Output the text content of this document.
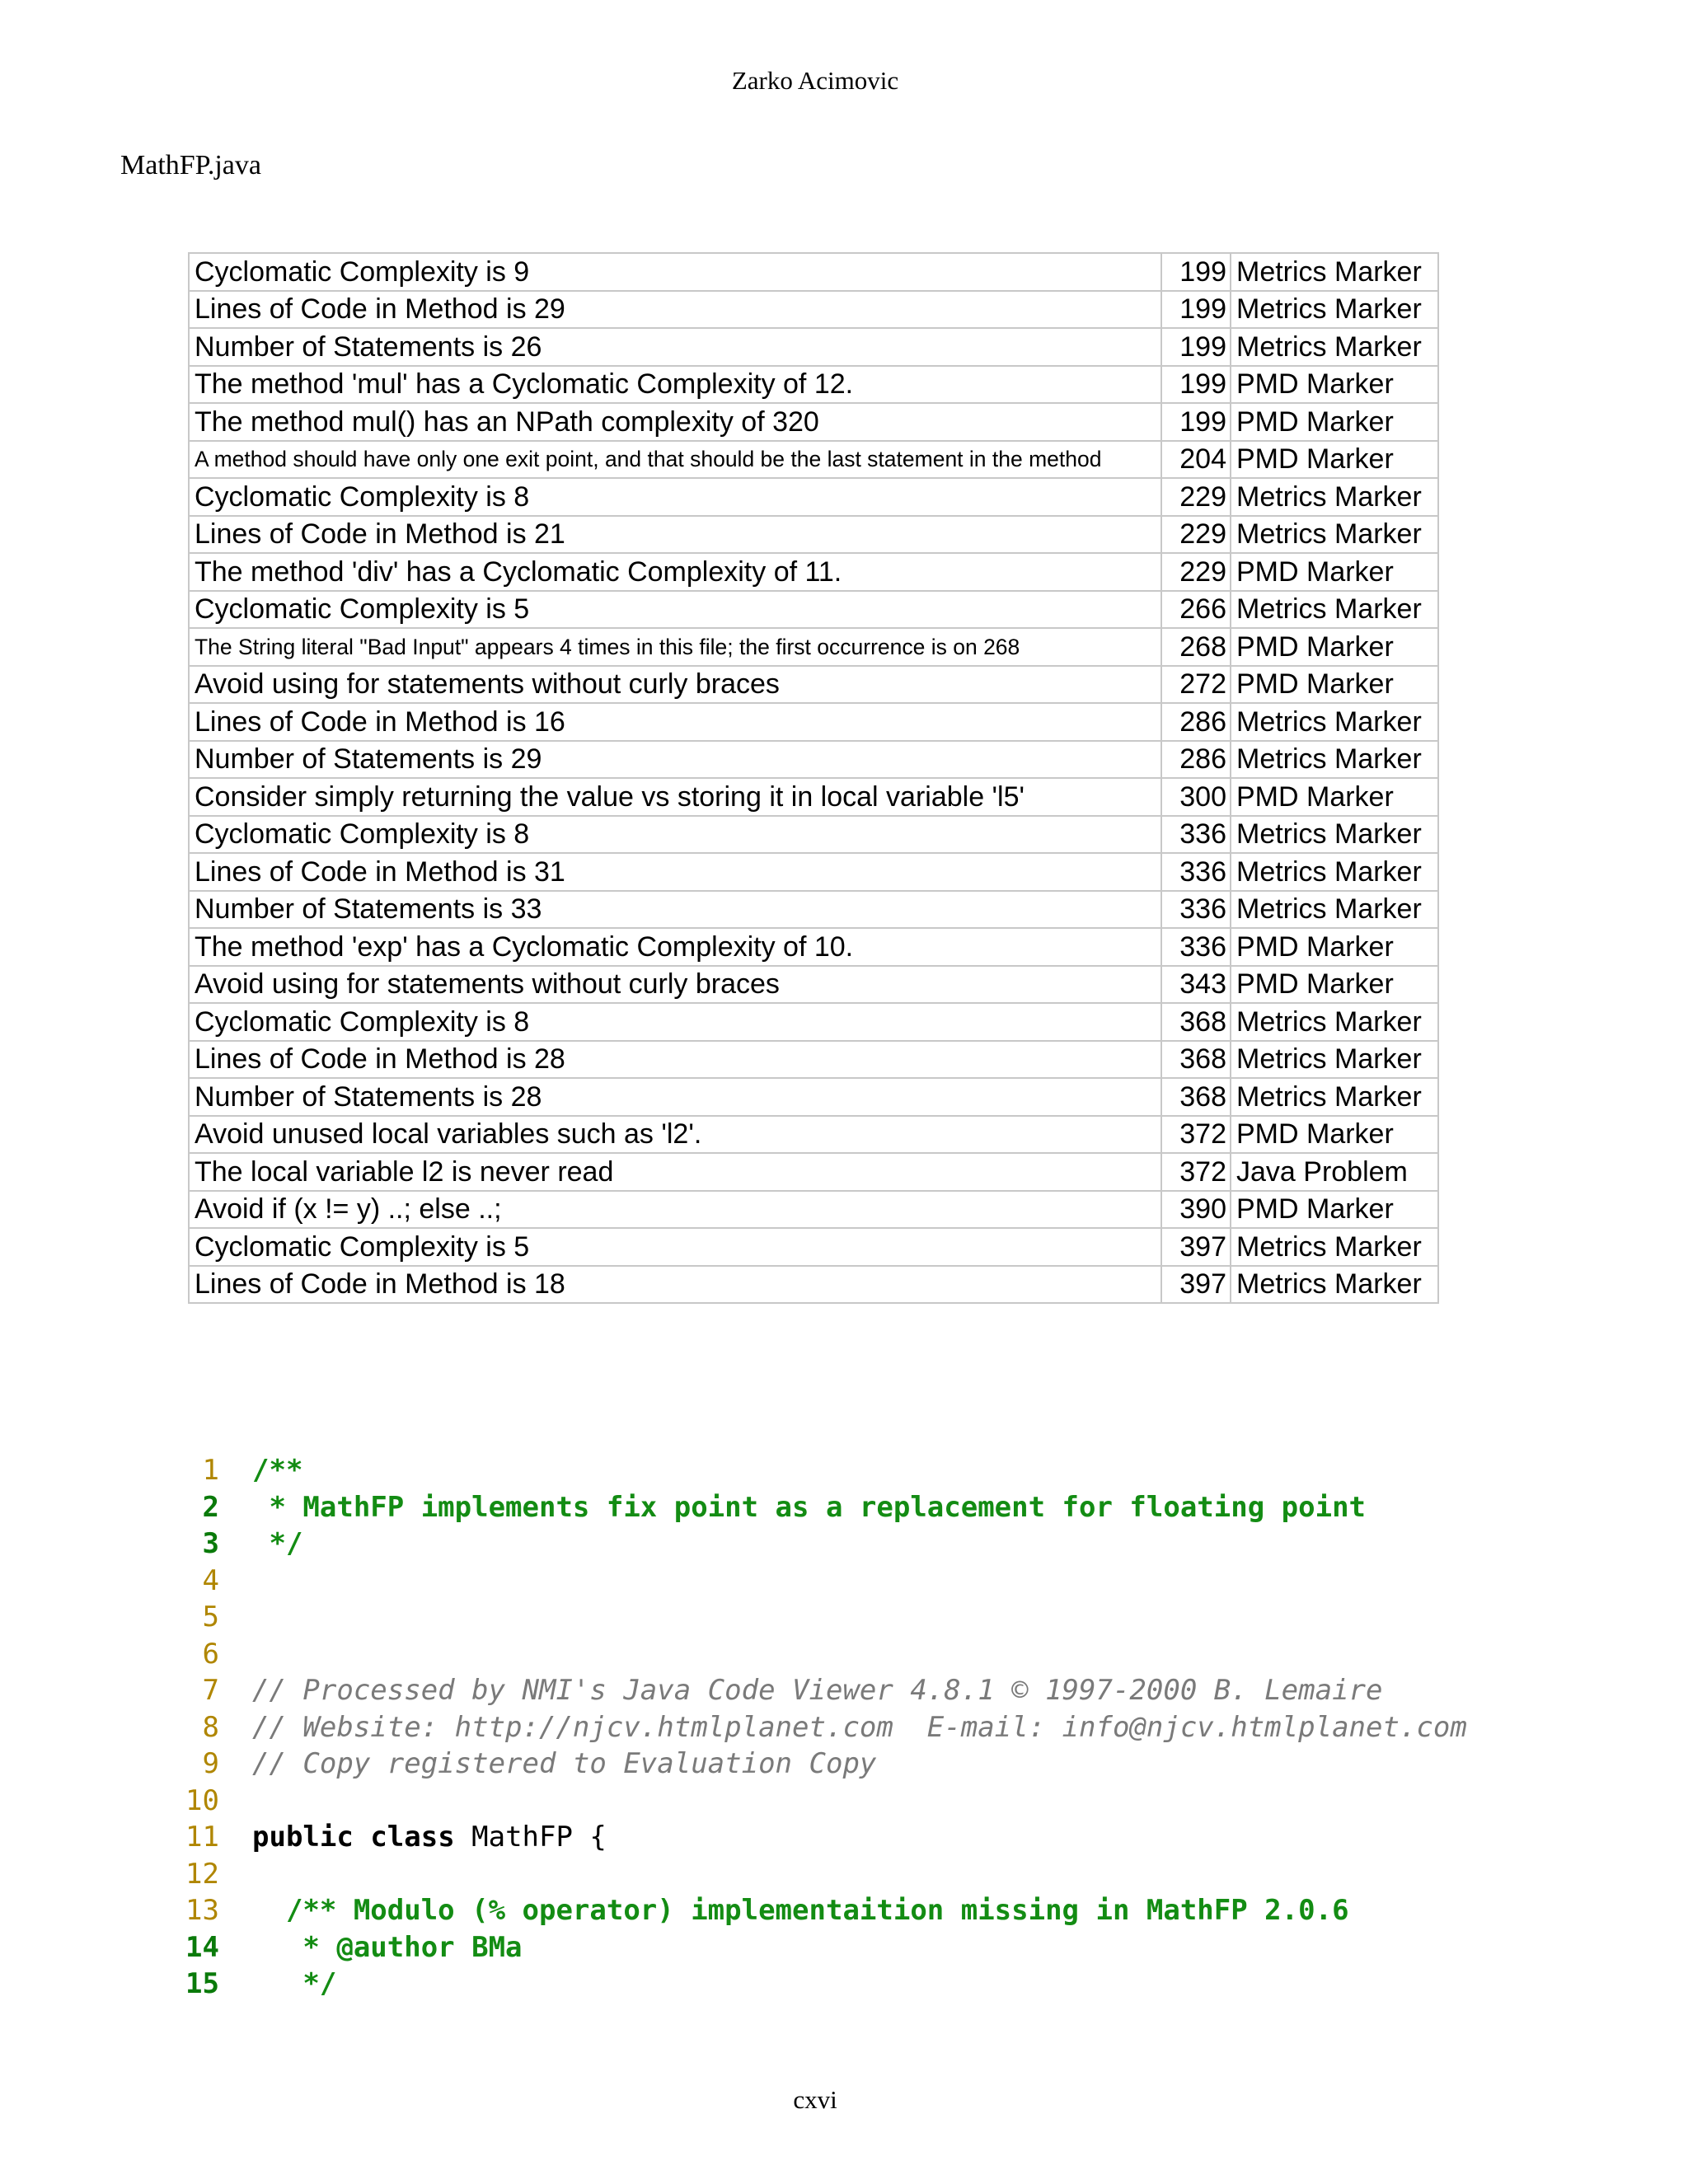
Zarko Acimovic
MathFP.java
Cyclomatic Complexity is 9	199	Metrics Marker
Lines of Code in Method is 29	199	Metrics Marker
Number of Statements is 26	199	Metrics Marker
The method 'mul' has a Cyclomatic Complexity of 12.	199	PMD Marker
The method mul() has an NPath complexity of 320	199	PMD Marker
A method should have only one exit point, and that should be the last statement in the method	204	PMD Marker
Cyclomatic Complexity is 8	229	Metrics Marker
Lines of Code in Method is 21	229	Metrics Marker
The method 'div' has a Cyclomatic Complexity of 11.	229	PMD Marker
Cyclomatic Complexity is 5	266	Metrics Marker
The String literal "Bad Input" appears 4 times in this file; the first occurrence is on 268	268	PMD Marker
Avoid using for statements without curly braces	272	PMD Marker
Lines of Code in Method is 16	286	Metrics Marker
Number of Statements is 29	286	Metrics Marker
Consider simply returning the value vs storing it in local variable 'l5'	300	PMD Marker
Cyclomatic Complexity is 8	336	Metrics Marker
Lines of Code in Method is 31	336	Metrics Marker
Number of Statements is 33	336	Metrics Marker
The method 'exp' has a Cyclomatic Complexity of 10.	336	PMD Marker
Avoid using for statements without curly braces	343	PMD Marker
Cyclomatic Complexity is 8	368	Metrics Marker
Lines of Code in Method is 28	368	Metrics Marker
Number of Statements is 28	368	Metrics Marker
Avoid unused local variables such as 'l2'.	372	PMD Marker
The local variable l2 is never read	372	Java Problem
Avoid if (x != y) ..; else ..;	390	PMD Marker
Cyclomatic Complexity is 5	397	Metrics Marker
Lines of Code in Method is 18	397	Metrics Marker
1 /**
2 * MathFP implements fix point as a replacement for floating point
3 */
4
5
6
7 // Processed by NMI's Java Code Viewer 4.8.1 © 1997-2000 B. Lemaire
8 // Website: http://njcv.htmlplanet.com  E-mail: info@njcv.htmlplanet.com
9 // Copy registered to Evaluation Copy
10
11 public class MathFP {
12
13 /** Modulo (% operator) implementaition missing in MathFP 2.0.6
14 * @author BMa
15 */
cxvi
